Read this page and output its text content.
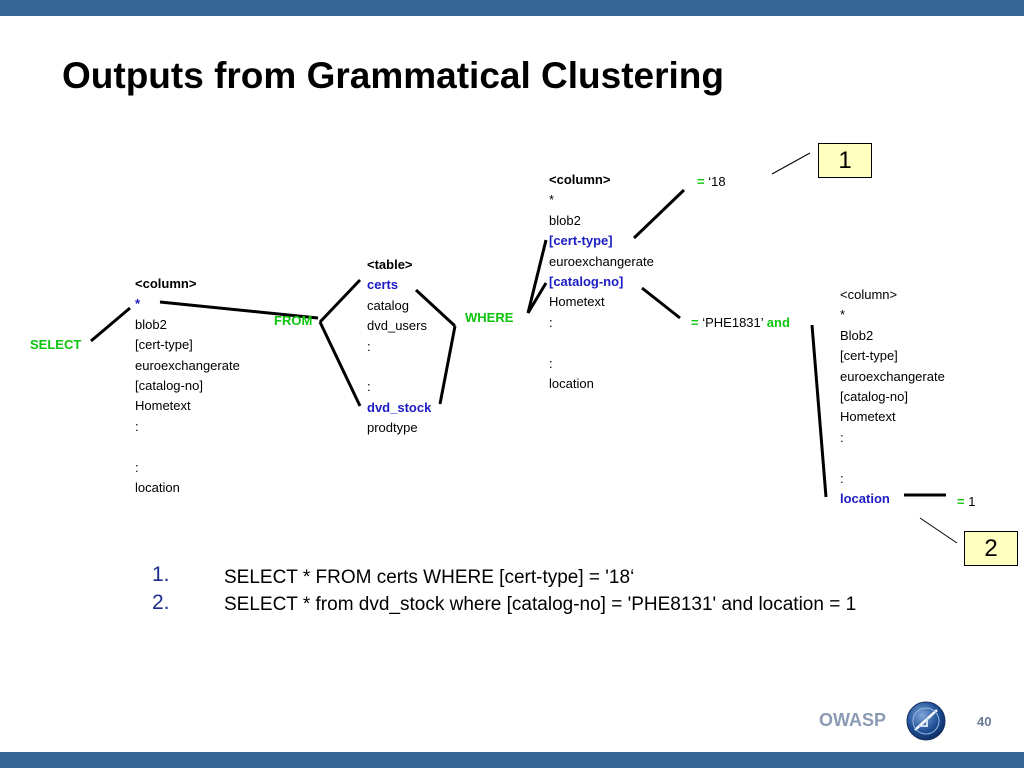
Outputs from Grammatical Clustering
SELECT
<column>
*
blob2
[cert-type]
euroexchangerate
[catalog-no]
Hometext
:
:
location
FROM
<table>
certs
catalog
dvd_users
:
:
dvd_stock
prodtype
WHERE
<column>
*
blob2
[cert-type]
euroexchangerate
[catalog-no]
Hometext
:
:
location
= ‘18
= ‘PHE1831’ and
<column>
*
Blob2
[cert-type]
euroexchangerate
[catalog-no]
Hometext
:
:
location	= 1
1
2
1.	SELECT * FROM certs WHERE [cert-type] = '18‘
2.	SELECT * from dvd_stock where [catalog-no] = 'PHE8131' and location = 1
OWASP	40
